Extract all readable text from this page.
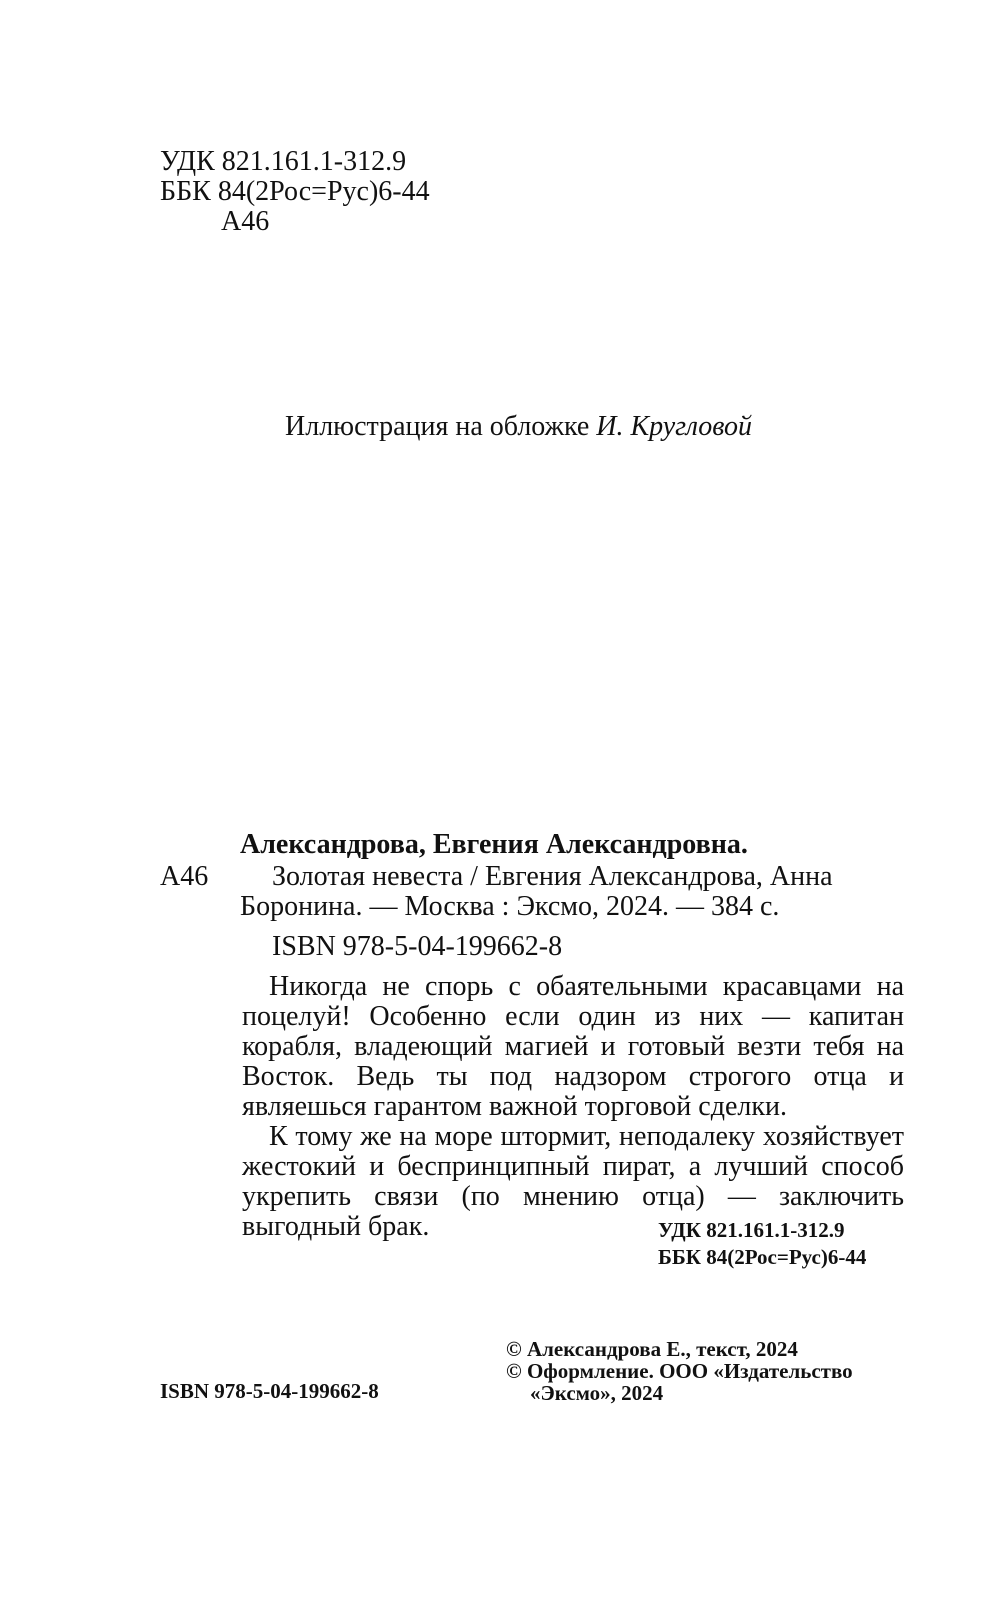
УДК 821.161.1-312.9
ББК 84(2Рос=Рус)6-44
А46
Иллюстрация на обложке И. Кругловой
Александрова, Евгения Александровна.
А46 Золотая невеста / Евгения Александрова, Анна
Боронина. — Москва : Эксмо, 2024. — 384 с.
ISBN 978-5-04-199662-8

Никогда не спорь с обаятельными красавцами на поцелуй! Особенно если один из них — капитан корабля, владеющий магией и готовый везти тебя на Восток. Ведь ты под надзором строгого отца и являешься гарантом важной торговой сделки.

К тому же на море штормит, неподалеку хозяйствует жестокий и беспринципный пират, а лучший способ укрепить связи (по мнению отца) — заключить выгодный брак.	УДК 821.161.1-312.9
ББК 84(2Рос=Рус)6-44
© Александрова Е., текст, 2024
© Оформление. ООО «Издательство
«Эксмо», 2024
ISBN 978-5-04-199662-8
